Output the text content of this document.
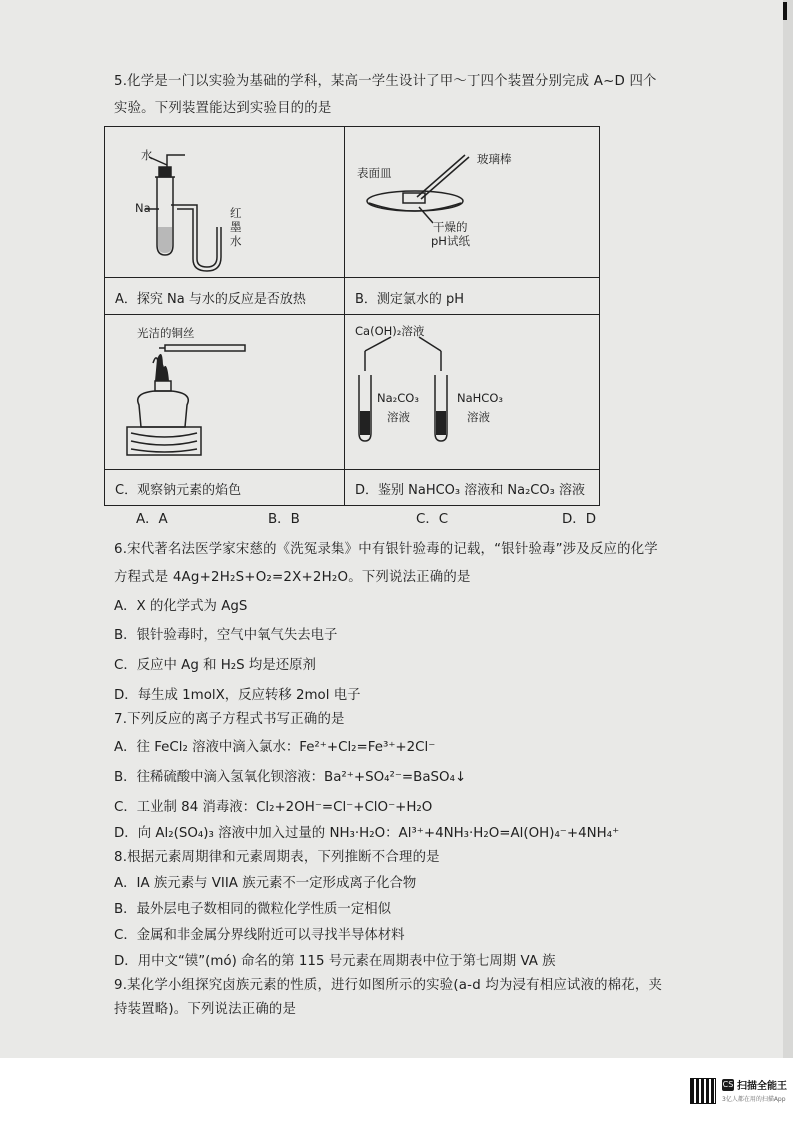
5.化学是一门以实验为基础的学科，某高一学生设计了甲～丁四个装置分别完成 A~D 四个
实验。下列装置能达到实验目的的是
水
Na	红
墨
水
A．探究 Na 与水的反应是否放热
表面皿
玻璃棒
干燥的
pH试纸
B．测定氯水的 pH
光洁的铜丝
C．观察钠元素的焰色
Ca(OH)₂溶液
Na₂CO₃
溶液
NaHCO₃
溶液
D．鉴别 NaHCO₃ 溶液和 Na₂CO₃ 溶液
A．A	B．B	C．C	D．D
6.宋代著名法医学家宋慈的《洗冤录集》中有银针验毒的记载，“银针验毒”涉及反应的化学
方程式是 4Ag+2H₂S+O₂=2X+2H₂O。下列说法正确的是
A．X 的化学式为 AgS
B．银针验毒时，空气中氧气失去电子
C．反应中 Ag 和 H₂S 均是还原剂
D．每生成 1molX，反应转移 2mol 电子
7.下列反应的离子方程式书写正确的是
A．往 FeCl₂ 溶液中滴入氯水：Fe²⁺+Cl₂=Fe³⁺+2Cl⁻
B．往稀硫酸中滴入氢氧化钡溶液：Ba²⁺+SO₄²⁻=BaSO₄↓
C．工业制 84 消毒液：Cl₂+2OH⁻=Cl⁻+ClO⁻+H₂O
D．向 Al₂(SO₄)₃ 溶液中加入过量的 NH₃·H₂O：Al³⁺+4NH₃·H₂O=Al(OH)₄⁻+4NH₄⁺
8.根据元素周期律和元素周期表，下列推断不合理的是
A．IA 族元素与 VIIA 族元素不一定形成离子化合物
B．最外层电子数相同的微粒化学性质一定相似
C．金属和非金属分界线附近可以寻找半导体材料
D．用中文“镆”(mó) 命名的第 115 号元素在周期表中位于第七周期 VA 族
9.某化学小组探究卤族元素的性质，进行如图所示的实验(a-d 均为浸有相应试液的棉花，夹
持装置略)。下列说法正确的是
CS 扫描全能王
3亿人都在用的扫描App
